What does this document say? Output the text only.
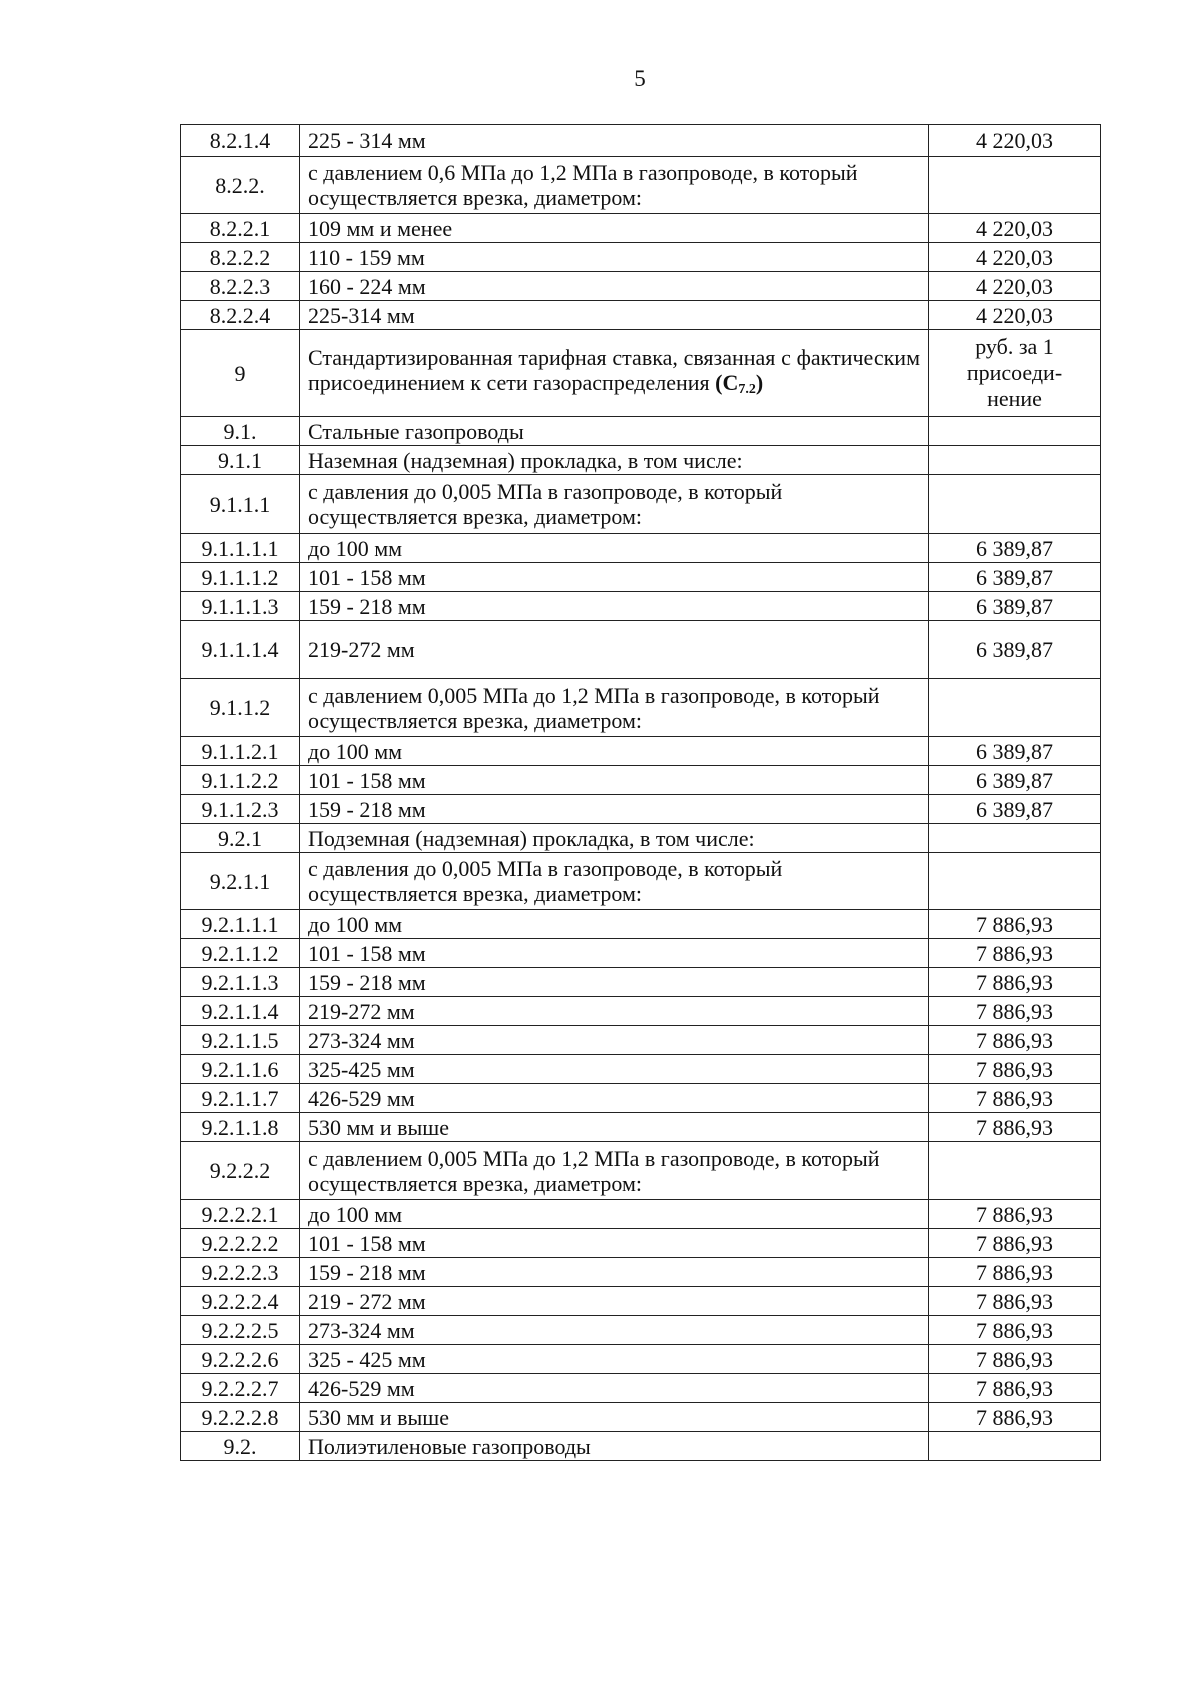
5
8.2.1.4	225 - 314 мм	4 220,03
8.2.2.	с давлением 0,6 МПа до 1,2 МПа в газопроводе, в который осуществляется врезка, диаметром:	
8.2.2.1	109 мм и менее	4 220,03
8.2.2.2	110 - 159 мм	4 220,03
8.2.2.3	160 - 224 мм	4 220,03
8.2.2.4	225-314 мм	4 220,03
9	Стандартизированная тарифная ставка, связанная с фактическим присоединением к сети газораспределения $(С_{7.2})$	руб. за 1
присоеди-
нение

9.1.	Стальные газопроводы	
9.1.1	Наземная (надземная) прокладка, в том числе:	
9.1.1.1	с давления до 0,005 МПа в газопроводе, в который осуществляется врезка, диаметром:	
9.1.1.1.1	до 100 мм	6 389,87
9.1.1.1.2	101 - 158 мм	6 389,87
9.1.1.1.3	159 - 218 мм	6 389,87
9.1.1.1.4	219-272 мм	6 389,87
9.1.1.2	с давлением 0,005 МПа до 1,2 МПа в газопроводе, в который осуществляется врезка, диаметром:	
9.1.1.2.1	до 100 мм	6 389,87
9.1.1.2.2	101 - 158 мм	6 389,87
9.1.1.2.3	159 - 218 мм	6 389,87
9.2.1	Подземная (надземная) прокладка, в том числе:	
9.2.1.1	с давления до 0,005 МПа в газопроводе, в который осуществляется врезка, диаметром:	
9.2.1.1.1	до 100 мм	7 886,93
9.2.1.1.2	101 - 158 мм	7 886,93
9.2.1.1.3	159 - 218 мм	7 886,93
9.2.1.1.4	219-272 мм	7 886,93
9.2.1.1.5	273-324 мм	7 886,93
9.2.1.1.6	325-425 мм	7 886,93
9.2.1.1.7	426-529 мм	7 886,93
9.2.1.1.8	530 мм и выше	7 886,93
9.2.2.2	с давлением 0,005 МПа до 1,2 МПа в газопроводе, в который осуществляется врезка, диаметром:	
9.2.2.2.1	до 100 мм	7 886,93
9.2.2.2.2	101 - 158 мм	7 886,93
9.2.2.2.3	159 - 218 мм	7 886,93
9.2.2.2.4	219 - 272 мм	7 886,93
9.2.2.2.5	273-324 мм	7 886,93
9.2.2.2.6	325 - 425 мм	7 886,93
9.2.2.2.7	426-529 мм	7 886,93
9.2.2.2.8	530 мм и выше	7 886,93
9.2.	Полиэтиленовые газопроводы	
